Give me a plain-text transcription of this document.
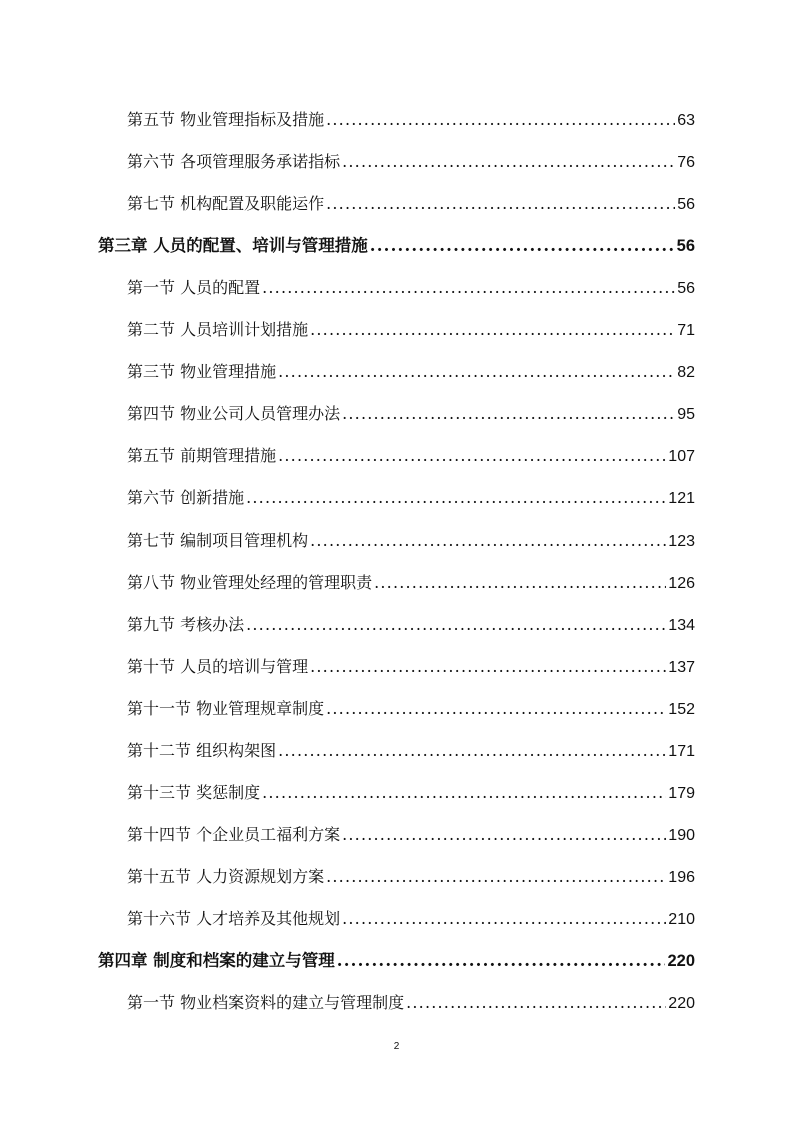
第五节 物业管理指标及措施 .....	63
第六节 各项管理服务承诺指标 .....	76
第七节 机构配置及职能运作 .....	56
第三章 人员的配置、培训与管理措施 .....	56
第一节 人员的配置 .....	56
第二节 人员培训计划措施 .....	71
第三节 物业管理措施 .....	82
第四节 物业公司人员管理办法 .....	95
第五节 前期管理措施 .....	107
第六节 创新措施 .....	121
第七节 编制项目管理机构 .....	123
第八节 物业管理处经理的管理职责 .....	126
第九节 考核办法 .....	134
第十节 人员的培训与管理 .....	137
第十一节 物业管理规章制度 .....	152
第十二节 组织构架图 .....	171
第十三节 奖惩制度 .....	179
第十四节 个企业员工福利方案 .....	190
第十五节 人力资源规划方案 .....	196
第十六节 人才培养及其他规划 .....	210
第四章 制度和档案的建立与管理 .....	220
第一节 物业档案资料的建立与管理制度 .....	220
2
